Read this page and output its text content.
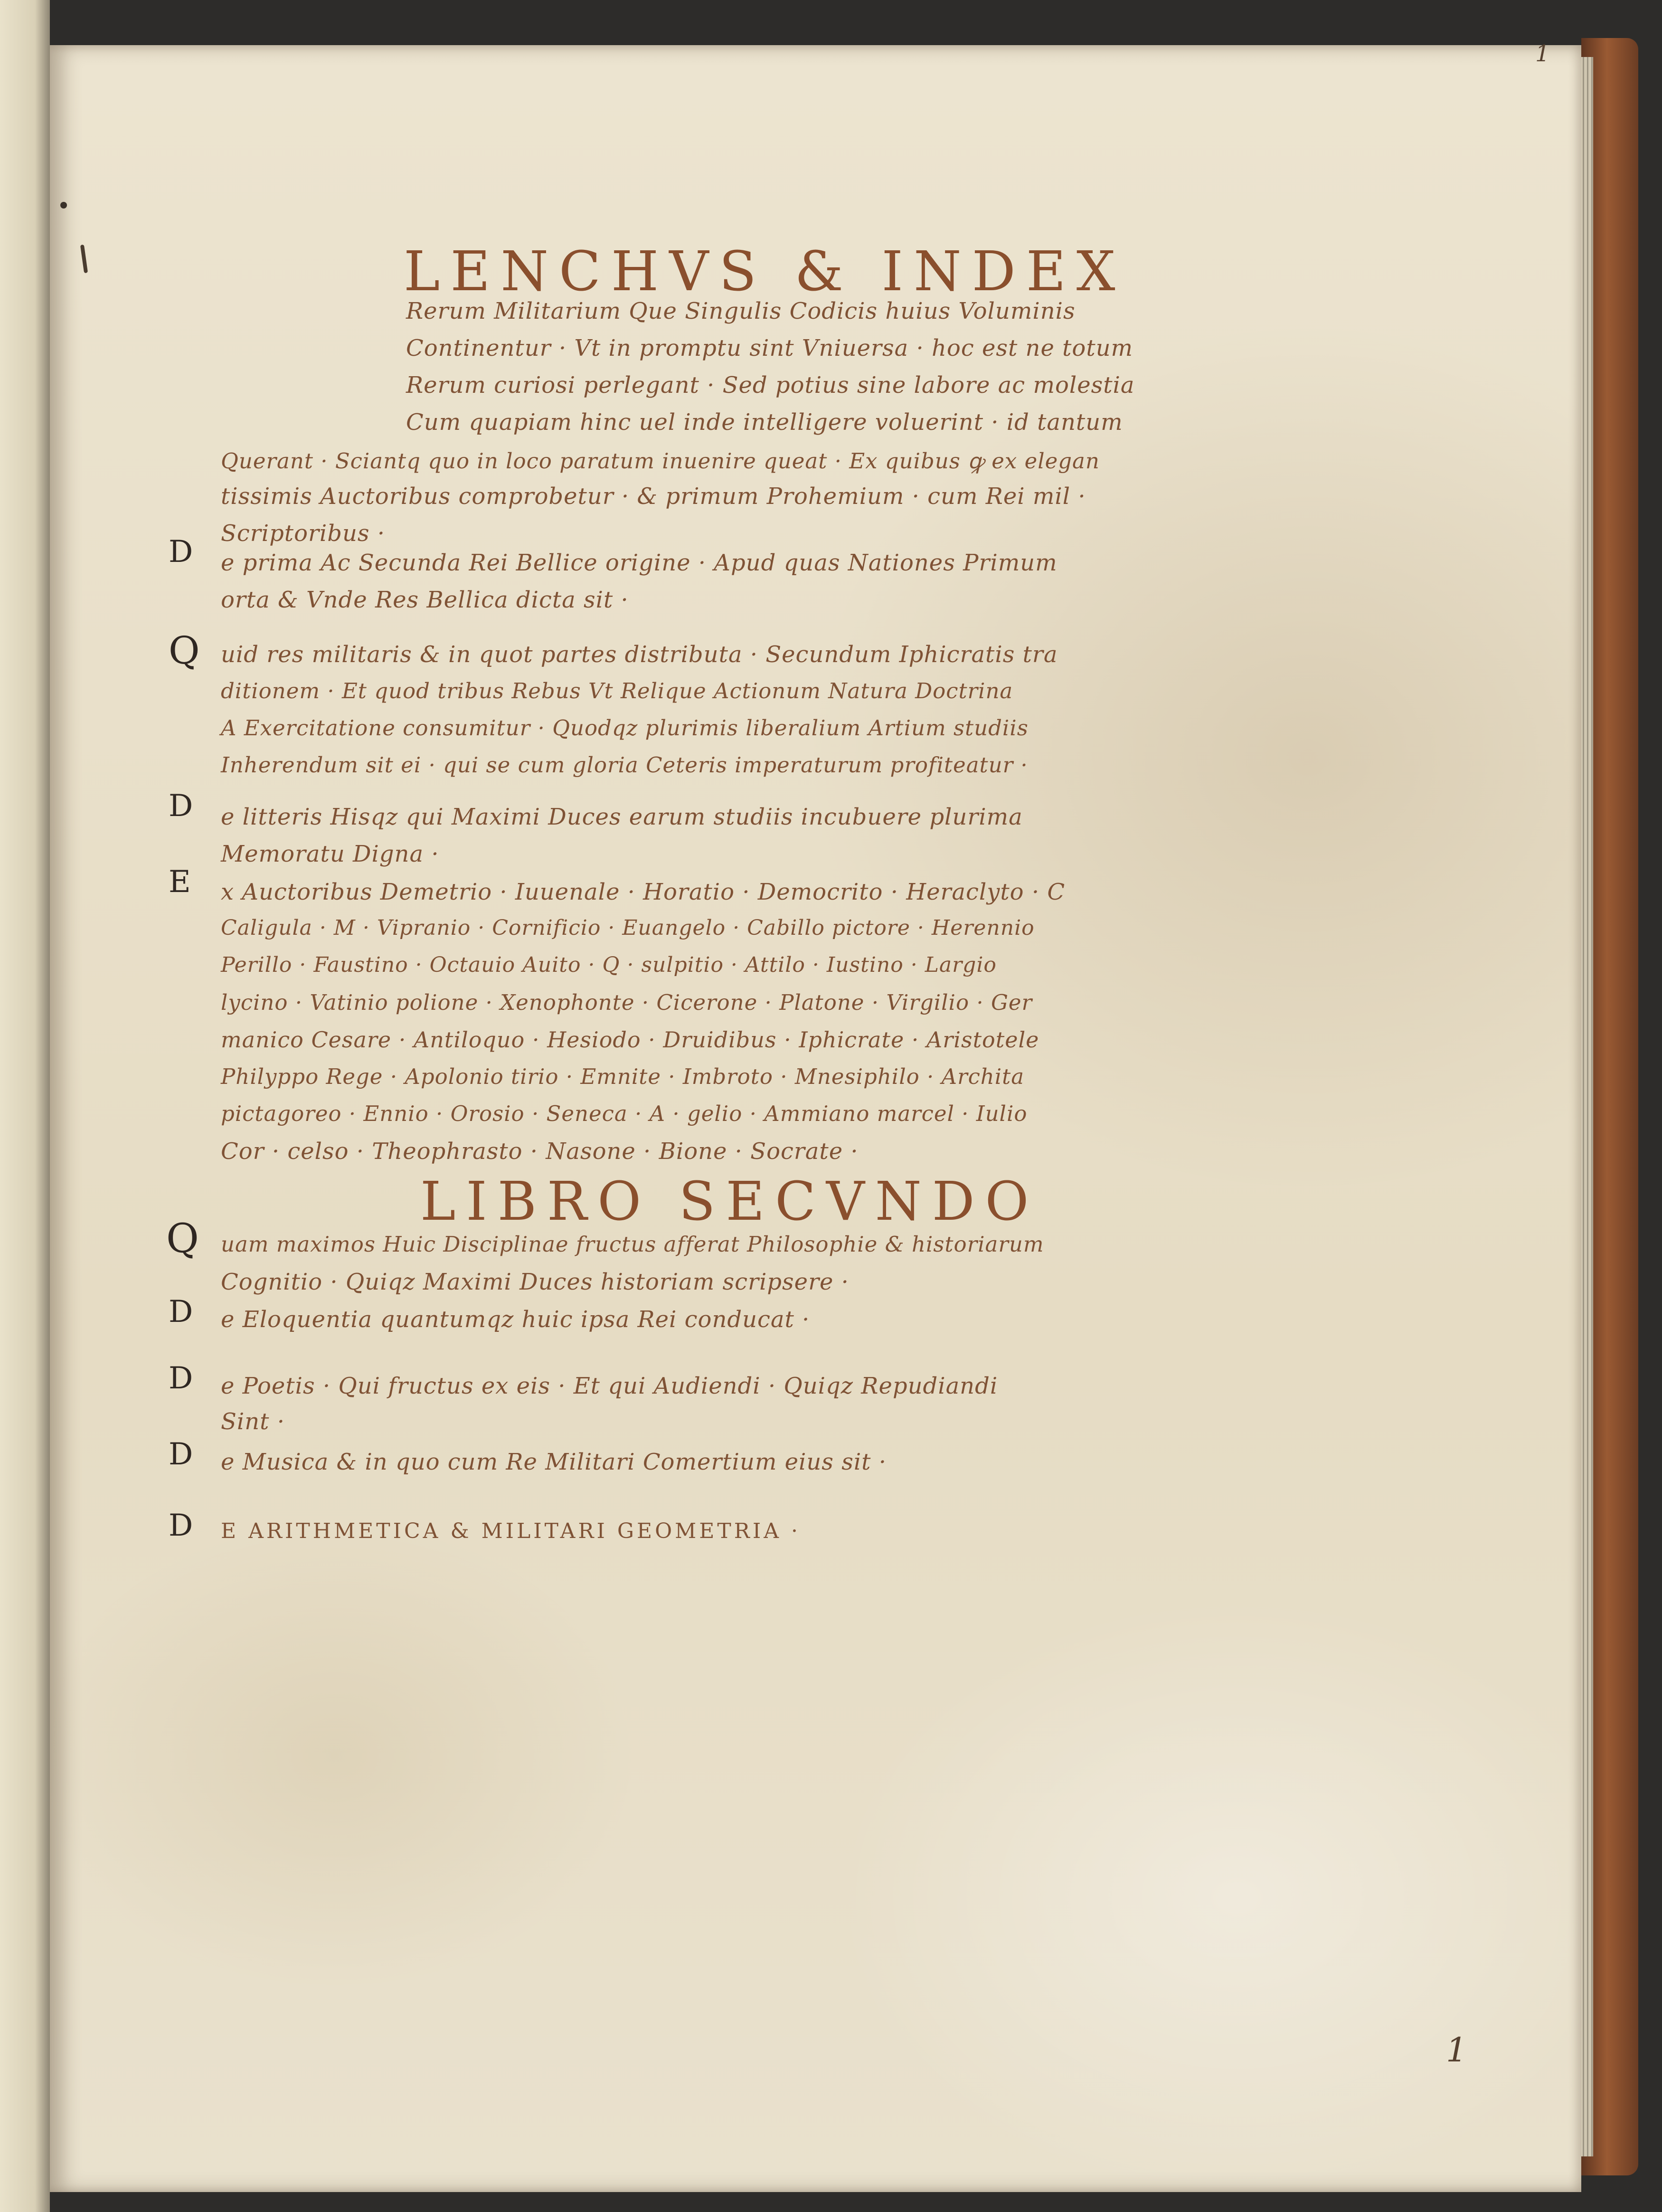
1
LENCHVS & INDEX
Rerum Militarium Que Singulis Codicis huius Voluminis
Continentur · Vt in promptu sint Vniuersa · hoc est ne totum
Rerum curiosi perlegant · Sed potius sine labore ac molestia
Cum quapiam hinc uel inde intelligere voluerint · id tantum
Querant · Sciantq quo in loco paratum inuenire queat · Ex quibus ꝙ ex elegan
tissimis Auctoribus comprobetur · & primum Prohemium · cum Rei mil ·
Scriptoribus ·
D e prima Ac Secunda Rei Bellice origine · Apud quas Nationes Primum
orta & Vnde Res Bellica dicta sit ·
Q uid res militaris & in quot partes distributa · Secundum Iphicratis tra
ditionem · Et quod tribus Rebus Vt Relique Actionum Natura Doctrina
A Exercitatione consumitur · Quodqz plurimis liberalium Artium studiis
Inherendum sit ei · qui se cum gloria Ceteris imperaturum profiteatur ·
D e litteris Hisqz qui Maximi Duces earum studiis incubuere plurima
Memoratu Digna ·
E x Auctoribus Demetrio · Iuuenale · Horatio · Democrito · Heraclyto · C
Caligula · M · Vipranio · Cornificio · Euangelo · Cabillo pictore · Herennio
Perillo · Faustino · Octauio Auito · Q · sulpitio · Attilo · Iustino · Largio
lycino · Vatinio polione · Xenophonte · Cicerone · Platone · Virgilio · Ger
manico Cesare · Antiloquo · Hesiodo · Druidibus · Iphicrate · Aristotele
Philyppo Rege · Apolonio tirio · Emnite · Imbroto · Mnesiphilo · Archita
pictagoreo · Ennio · Orosio · Seneca · A · gelio · Ammiano marcel · Iulio
Cor · celso · Theophrasto · Nasone · Bione · Socrate ·
LIBRO SECVNDO
Q uam maximos Huic Disciplinae fructus afferat Philosophie & historiarum
Cognitio · Quiqz Maximi Duces historiam scripsere ·
D e Eloquentia quantumqz huic ipsa Rei conducat ·
D e Poetis · Qui fructus ex eis · Et qui Audiendi · Quiqz Repudiandi
Sint ·
D e Musica & in quo cum Re Militari Comertium eius sit ·
D E ARITHMETICA & MILITARI GEOMETRIA ·
1
